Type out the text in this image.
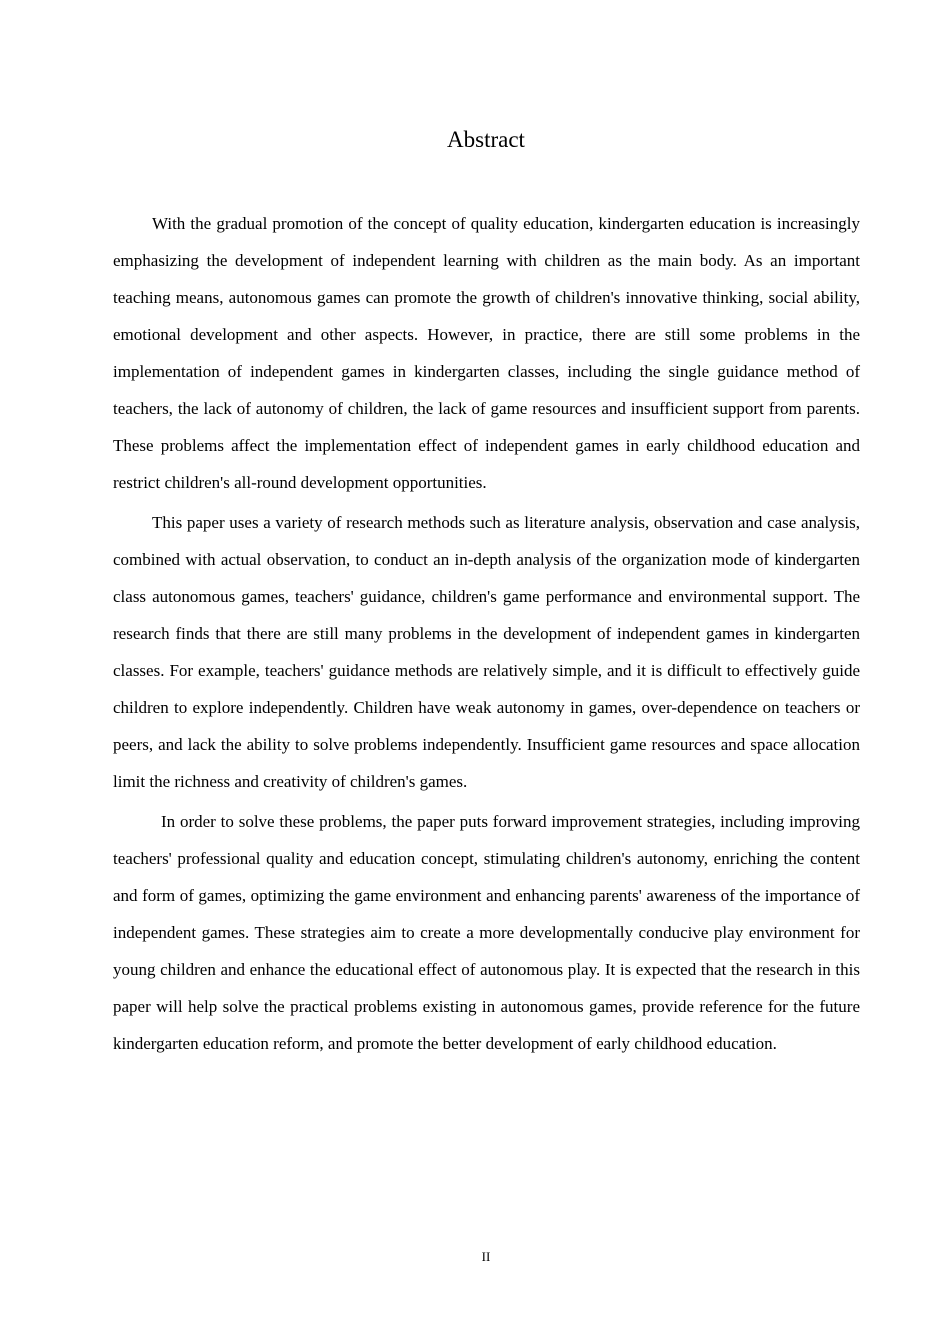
Abstract

With the gradual promotion of the concept of quality education, kindergarten education is increasingly emphasizing the development of independent learning with children as the main body. As an important teaching means, autonomous games can promote the growth of children's innovative thinking, social ability, emotional development and other aspects. However, in practice, there are still some problems in the implementation of independent games in kindergarten classes, including the single guidance method of teachers, the lack of autonomy of children, the lack of game resources and insufficient support from parents. These problems affect the implementation effect of independent games in early childhood education and restrict children's all-round development opportunities.

This paper uses a variety of research methods such as literature analysis, observation and case analysis, combined with actual observation, to conduct an in-depth analysis of the organization mode of kindergarten class autonomous games, teachers' guidance, children's game performance and environmental support. The research finds that there are still many problems in the development of independent games in kindergarten classes. For example, teachers' guidance methods are relatively simple, and it is difficult to effectively guide children to explore independently. Children have weak autonomy in games, over-dependence on teachers or peers, and lack the ability to solve problems independently. Insufficient game resources and space allocation limit the richness and creativity of children's games.

In order to solve these problems, the paper puts forward improvement strategies, including improving teachers' professional quality and education concept, stimulating children's autonomy, enriching the content and form of games, optimizing the game environment and enhancing parents' awareness of the importance of independent games. These strategies aim to create a more developmentally conducive play environment for young children and enhance the educational effect of autonomous play. It is expected that the research in this paper will help solve the practical problems existing in autonomous games, provide reference for the future kindergarten education reform, and promote the better development of early childhood education.

II
